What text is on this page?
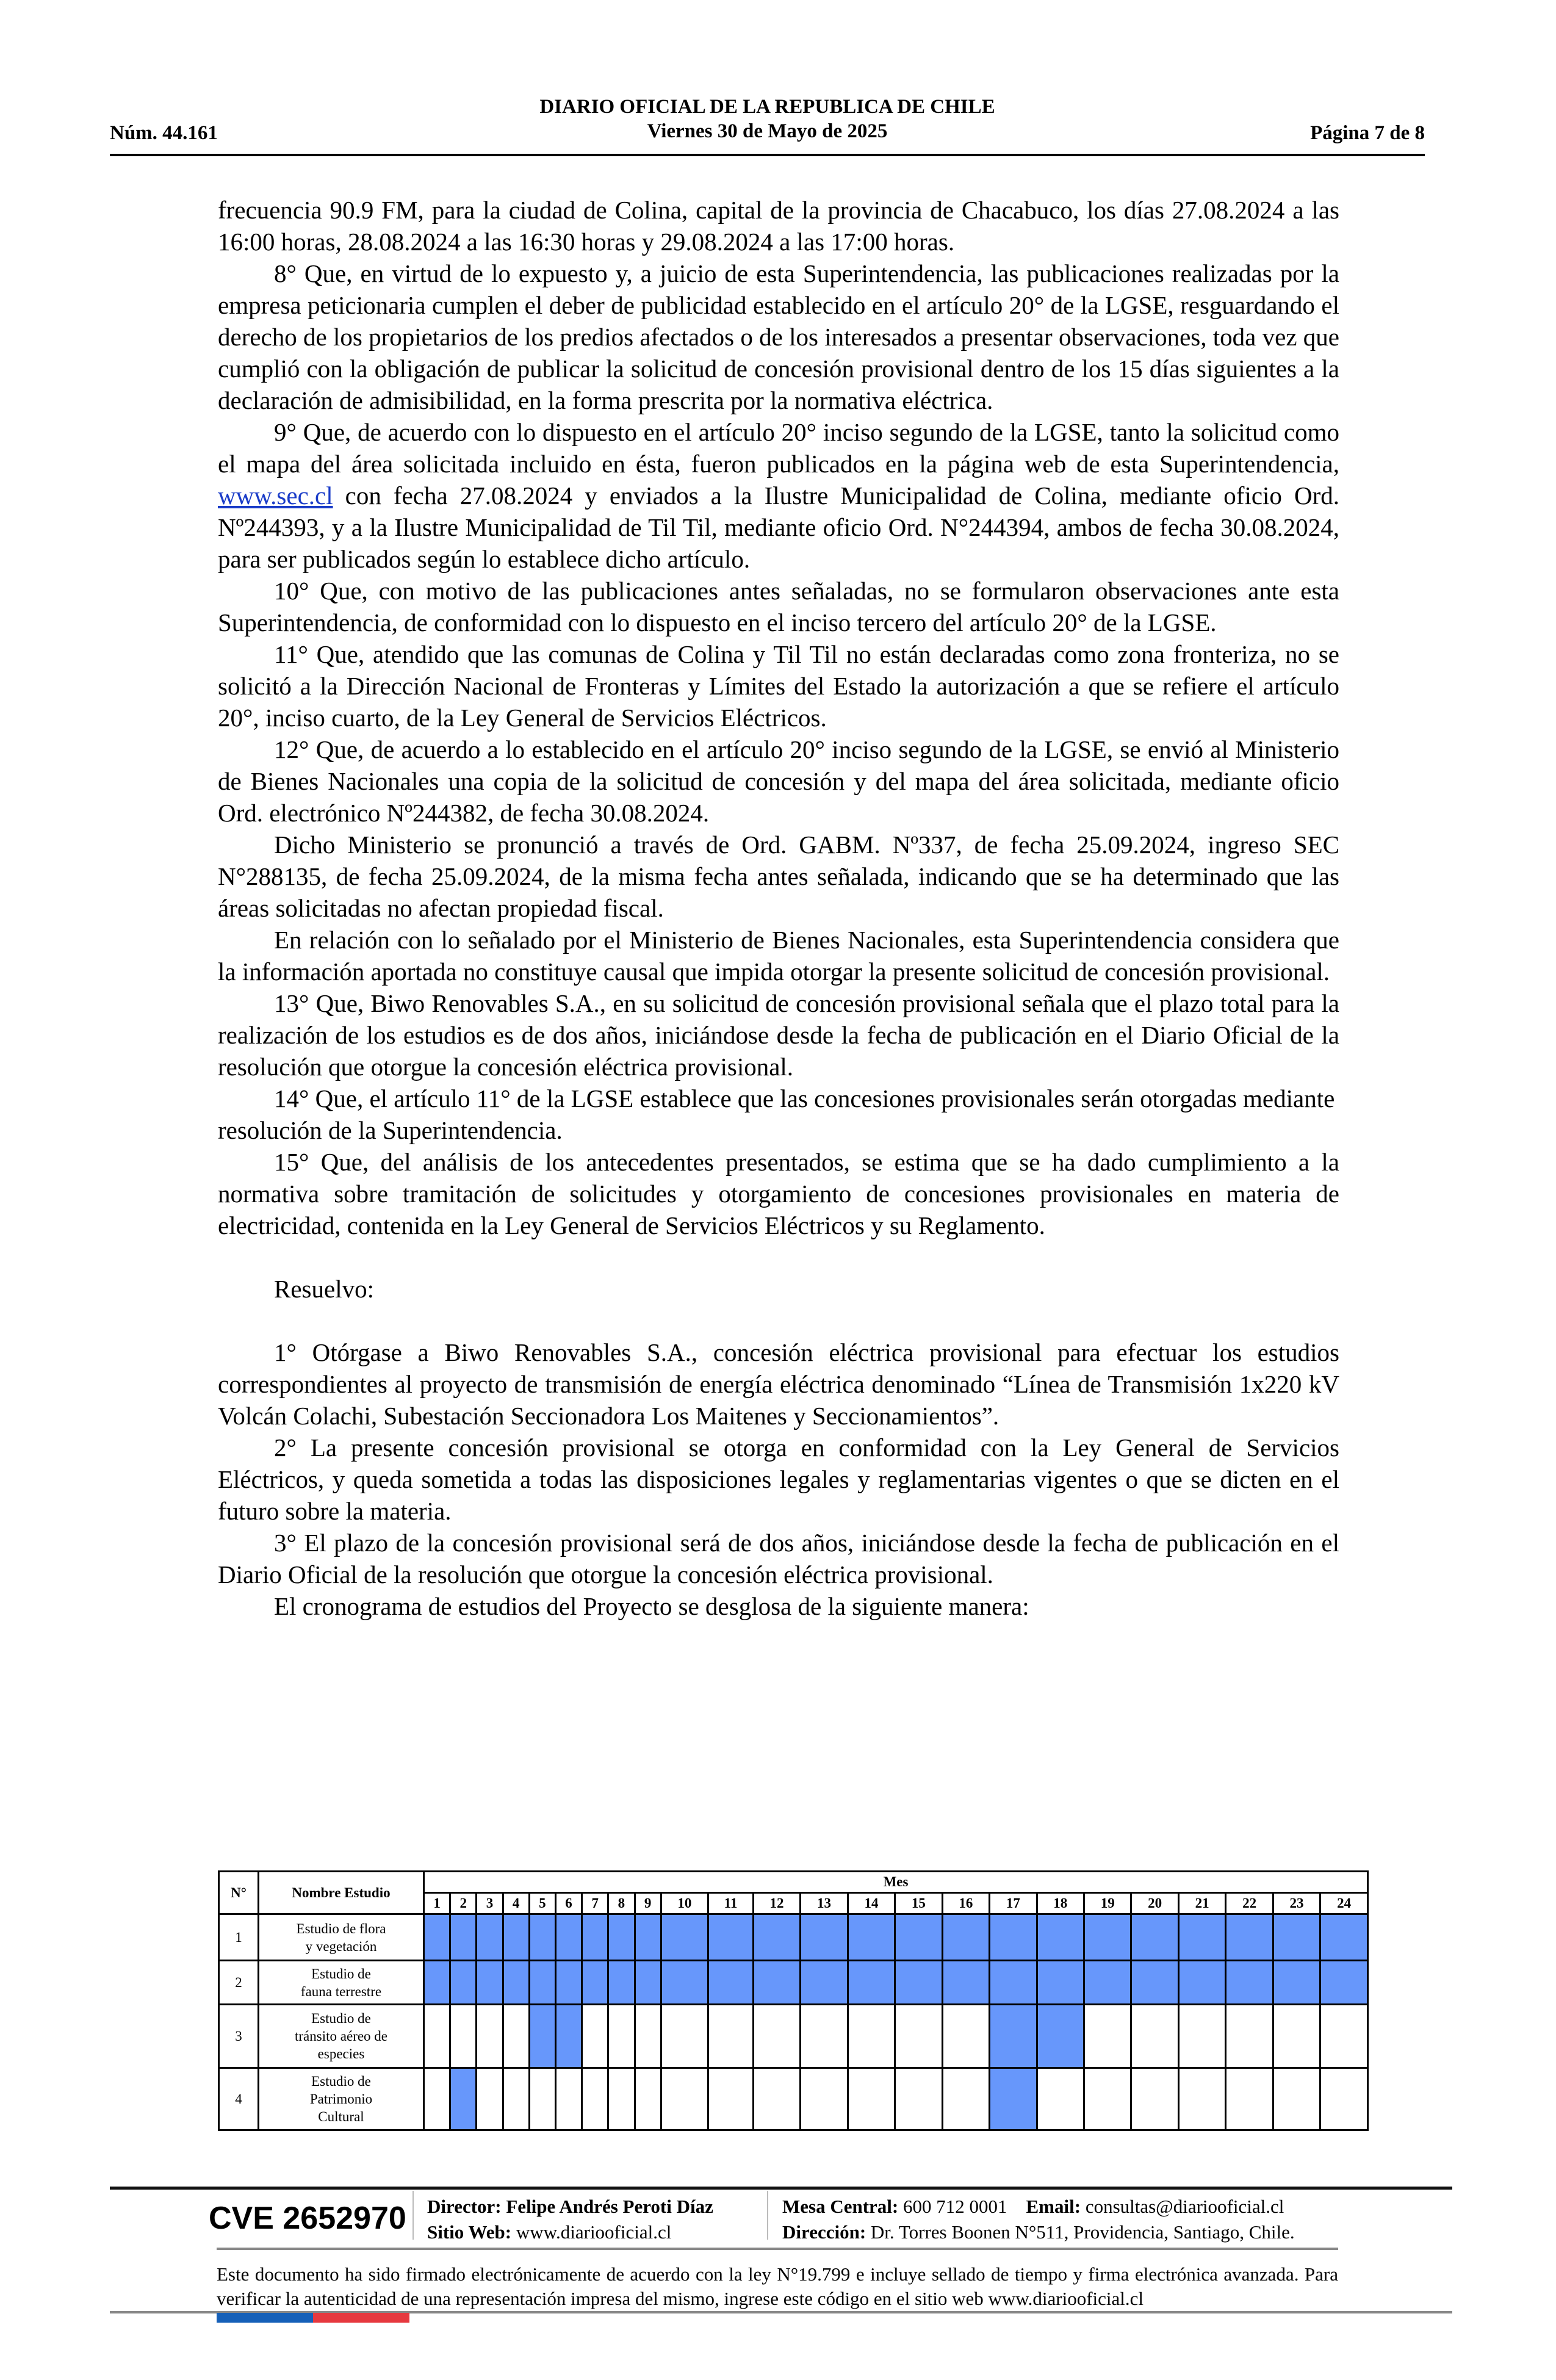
DIARIO OFICIAL DE LA REPUBLICA DE CHILE
Viernes 30 de Mayo de 2025
Núm. 44.161	Página 7 de 8

frecuencia 90.9 FM, para la ciudad de Colina, capital de la provincia de Chacabuco, los días 27.08.2024 a las 16:00 horas, 28.08.2024 a las 16:30 horas y 29.08.2024 a las 17:00 horas.

8° Que, en virtud de lo expuesto y, a juicio de esta Superintendencia, las publicaciones realizadas por la empresa peticionaria cumplen el deber de publicidad establecido en el artículo 20° de la LGSE, resguardando el derecho de los propietarios de los predios afectados o de los interesados a presentar observaciones, toda vez que cumplió con la obligación de publicar la solicitud de concesión provisional dentro de los 15 días siguientes a la declaración de admisibilidad, en la forma prescrita por la normativa eléctrica.

9° Que, de acuerdo con lo dispuesto en el artículo 20° inciso segundo de la LGSE, tanto la solicitud como el mapa del área solicitada incluido en ésta, fueron publicados en la página web de esta Superintendencia, www.sec.cl con fecha 27.08.2024 y enviados a la Ilustre Municipalidad de Colina, mediante oficio Ord. Nº244393, y a la Ilustre Municipalidad de Til Til, mediante oficio Ord. N°244394, ambos de fecha 30.08.2024, para ser publicados según lo establece dicho artículo.

10° Que, con motivo de las publicaciones antes señaladas, no se formularon observaciones ante esta Superintendencia, de conformidad con lo dispuesto en el inciso tercero del artículo 20° de la LGSE.

11° Que, atendido que las comunas de Colina y Til Til no están declaradas como zona fronteriza, no se solicitó a la Dirección Nacional de Fronteras y Límites del Estado la autorización a que se refiere el artículo 20°, inciso cuarto, de la Ley General de Servicios Eléctricos.

12° Que, de acuerdo a lo establecido en el artículo 20° inciso segundo de la LGSE, se envió al Ministerio de Bienes Nacionales una copia de la solicitud de concesión y del mapa del área solicitada, mediante oficio Ord. electrónico Nº244382, de fecha 30.08.2024.

Dicho Ministerio se pronunció a través de Ord. GABM. Nº337, de fecha 25.09.2024, ingreso SEC N°288135, de fecha 25.09.2024, de la misma fecha antes señalada, indicando que se ha determinado que las áreas solicitadas no afectan propiedad fiscal.

En relación con lo señalado por el Ministerio de Bienes Nacionales, esta Superintendencia considera que la información aportada no constituye causal que impida otorgar la presente solicitud de concesión provisional.

13° Que, Biwo Renovables S.A., en su solicitud de concesión provisional señala que el plazo total para la realización de los estudios es de dos años, iniciándose desde la fecha de publicación en el Diario Oficial de la resolución que otorgue la concesión eléctrica provisional.

14° Que, el artículo 11° de la LGSE establece que las concesiones provisionales serán otorgadas mediante resolución de la Superintendencia.

15° Que, del análisis de los antecedentes presentados, se estima que se ha dado cumplimiento a la normativa sobre tramitación de solicitudes y otorgamiento de concesiones provisionales en materia de electricidad, contenida en la Ley General de Servicios Eléctricos y su Reglamento.

Resuelvo:

1° Otórgase a Biwo Renovables S.A., concesión eléctrica provisional para efectuar los estudios correspondientes al proyecto de transmisión de energía eléctrica denominado “Línea de Transmisión 1x220 kV Volcán Colachi, Subestación Seccionadora Los Maitenes y Seccionamientos”.

2° La presente concesión provisional se otorga en conformidad con la Ley General de Servicios Eléctricos, y queda sometida a todas las disposiciones legales y reglamentarias vigentes o que se dicten en el futuro sobre la materia.

3° El plazo de la concesión provisional será de dos años, iniciándose desde la fecha de publicación en el Diario Oficial de la resolución que otorgue la concesión eléctrica provisional.

El cronograma de estudios del Proyecto se desglosa de la siguiente manera:

N°	Nombre Estudio	Mes																							
		1	2	3	4	5	6	7	8	9	10	11	12	13	14	15	16	17	18	19	20	21	22	23	24
1	Estudio de flora
y vegetación																								

2	Estudio de
fauna terrestre																								

3	Estudio de
tránsito aéreo de
especies																								

4	Estudio de
Patrimonio
Cultural																								

CVE 2652970 Director: Felipe Andrés Peroti Díaz
Sitio Web: www.diariooficial.cl
Mesa Central: 600 712 0001 Email: consultas@diariooficial.cl
Dirección: Dr. Torres Boonen N°511, Providencia, Santiago, Chile.
Este documento ha sido firmado electrónicamente de acuerdo con la ley N°19.799 e incluye sellado de tiempo y firma electrónica avanzada. Para verificar la autenticidad de una representación impresa del mismo, ingrese este código en el sitio web www.diariooficial.cl
